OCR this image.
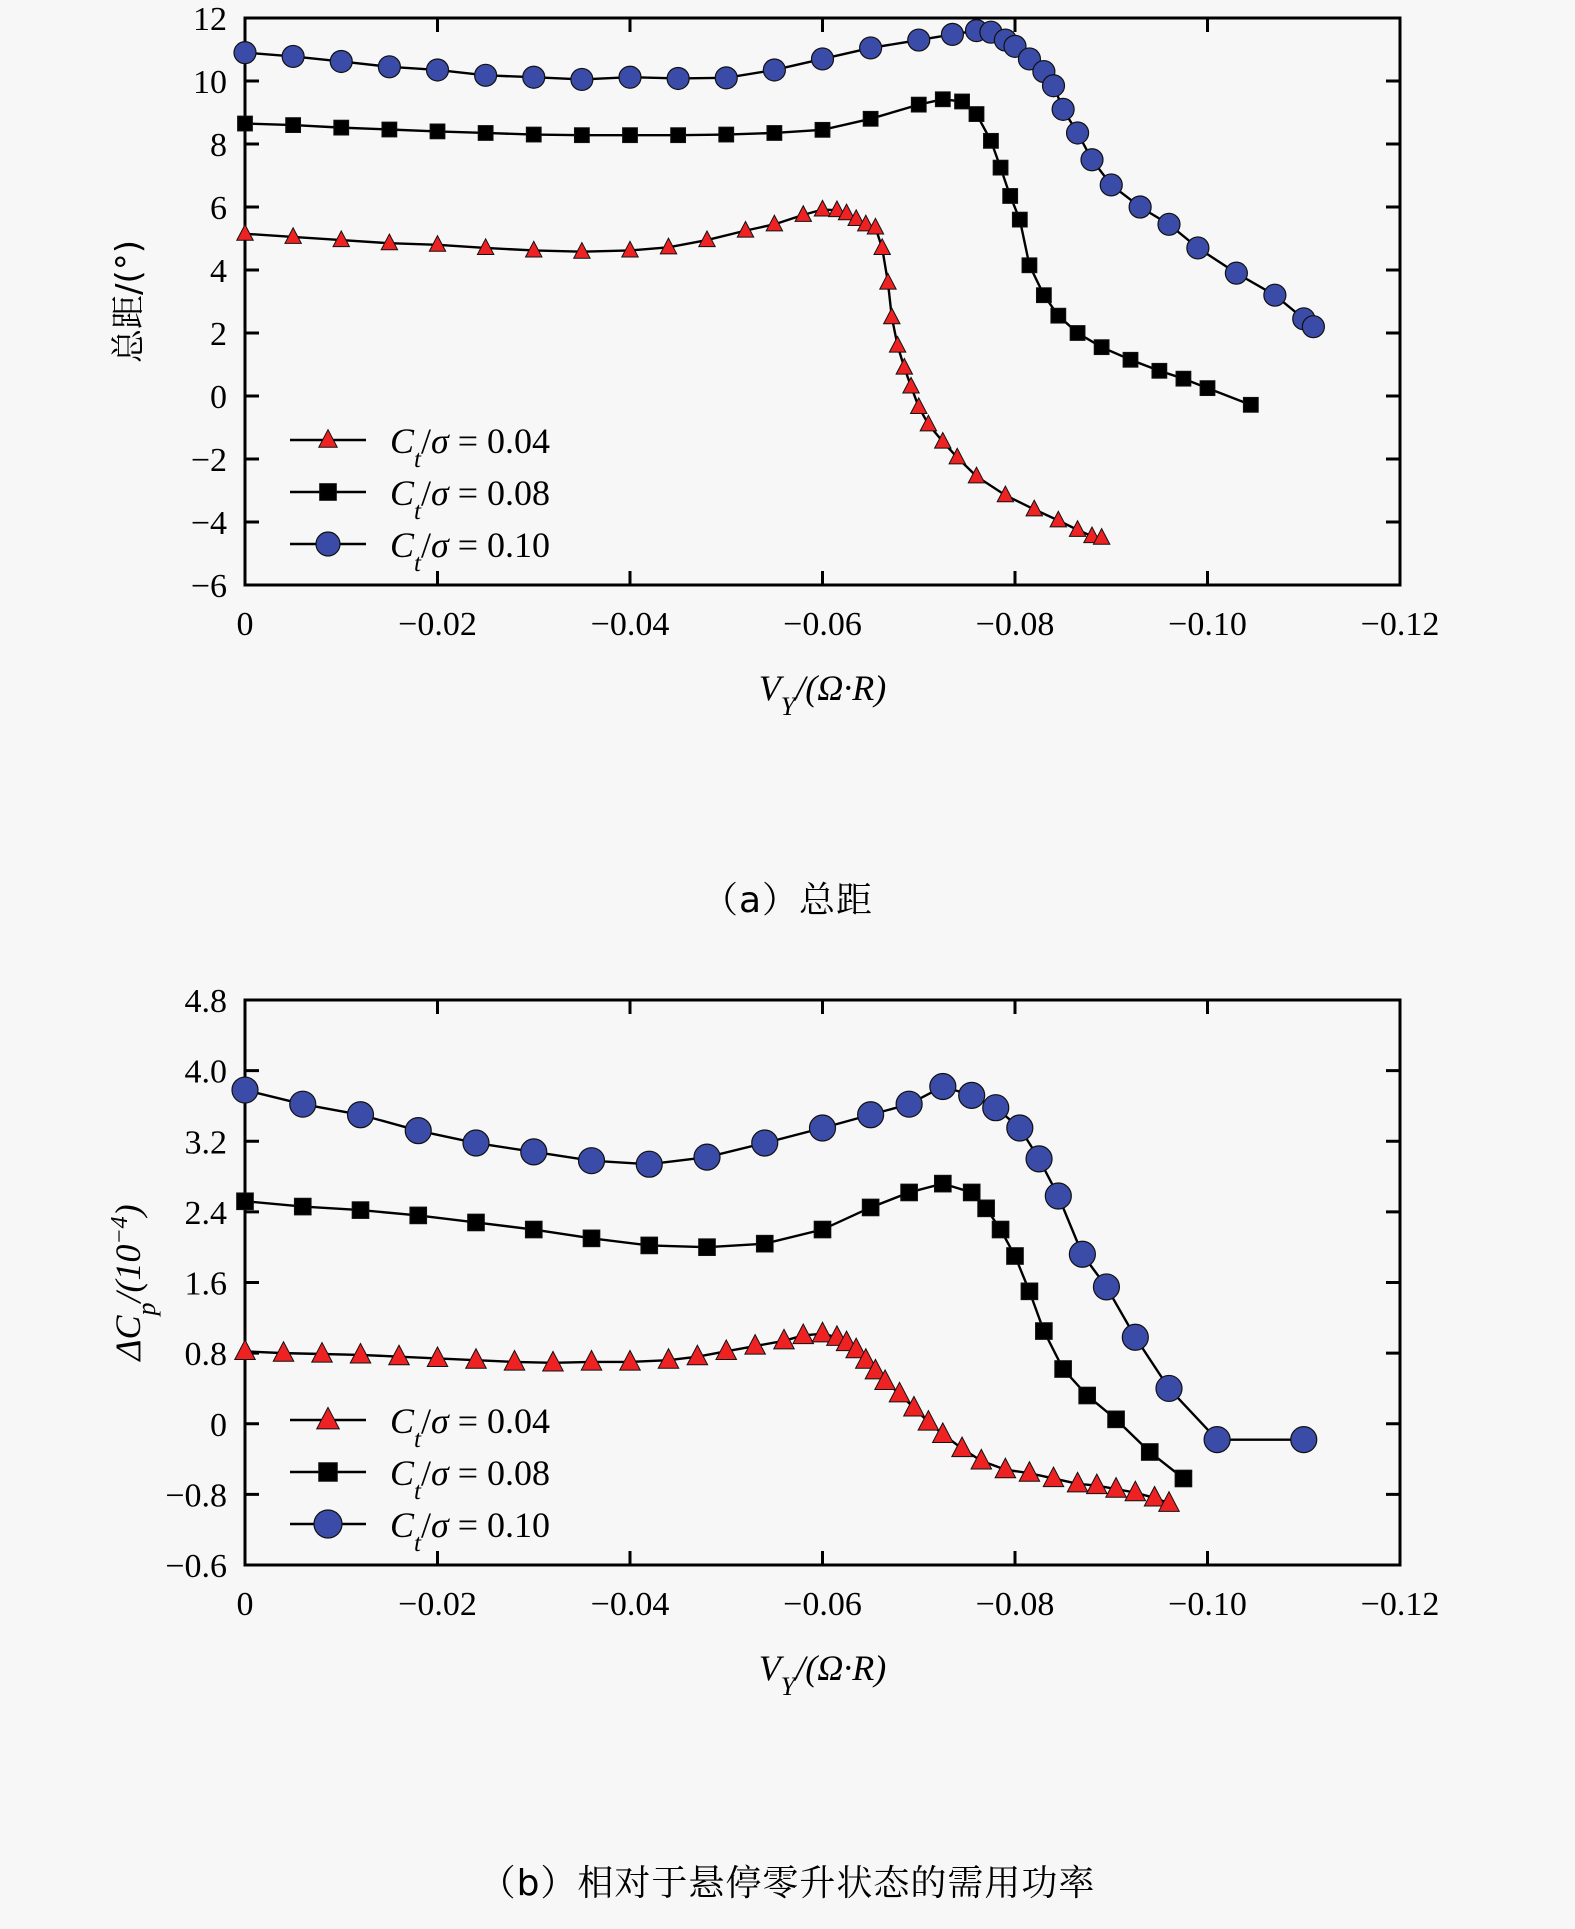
0	−0.02	−0.04	−0.06	−0.08	−0.10	−0.12
−6
−4
−2
0
2
4
6
8
10
12
$V_Y/(\Omega\cdot R)$
总距/(°)
$C_t/\sigma = 0.04$
$C_t/\sigma = 0.08$
$C_t/\sigma = 0.10$
（a）总距
0	−0.02	−0.04	−0.06	−0.08	−0.10	−0.12
−0.6
−0.8
0
0.8
1.6
2.4
3.2
4.0
4.8
$V_Y/(\Omega\cdot R)$
$\Delta C_p/(10^{-4})$
$C_t/\sigma = 0.04$
$C_t/\sigma = 0.08$
$C_t/\sigma = 0.10$
（b）相对于悬停零升状态的需用功率
